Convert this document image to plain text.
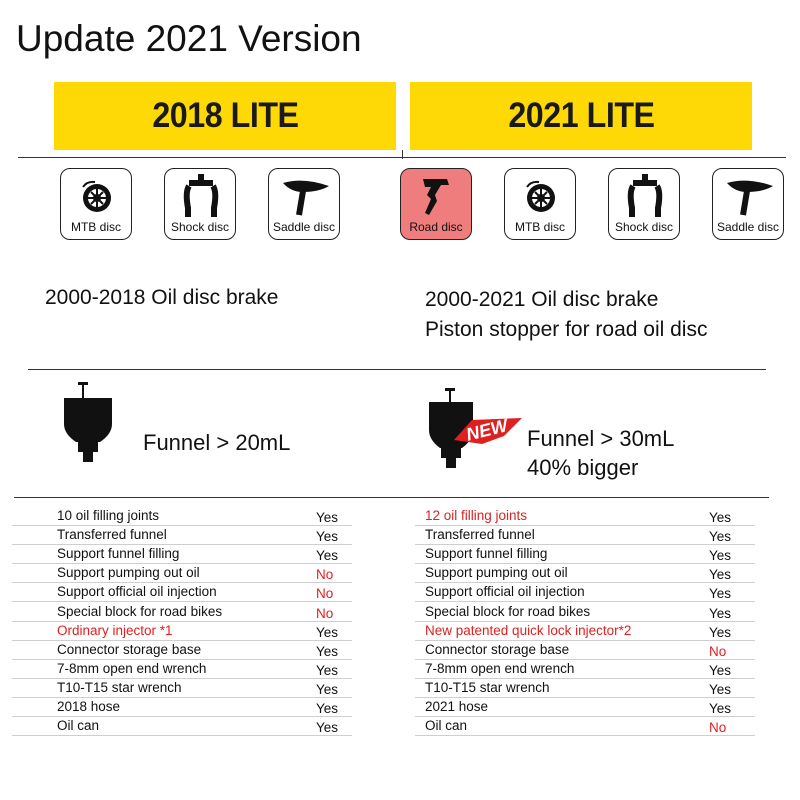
Update 2021 Version
2018 LITE	2021 LITE
MTB disc	Shock disc	Saddle disc	Road disc	MTB disc	Shock disc	Saddle disc
2000-2018 Oil disc brake	2000-2021 Oil disc brake
Piston stopper for road oil disc
Funnel > 20mL	NEW Funnel > 30mL
40% bigger
10 oil filling joints	Yes
Transferred funnel	Yes
Support funnel filling	Yes
Support pumping out oil	No
Support official oil injection	No
Special block for road bikes	No
Ordinary injector *1	Yes
Connector storage base	Yes
7-8mm open end wrench	Yes
T10-T15 star wrench	Yes
2018 hose	Yes
Oil can	Yes
12 oil filling joints	Yes
Transferred funnel	Yes
Support funnel filling	Yes
Support pumping out oil	Yes
Support official oil injection	Yes
Special block for road bikes	Yes
New patented quick lock injector*2	Yes
Connector storage base	No
7-8mm open end wrench	Yes
T10-T15 star wrench	Yes
2021 hose	Yes
Oil can	No
